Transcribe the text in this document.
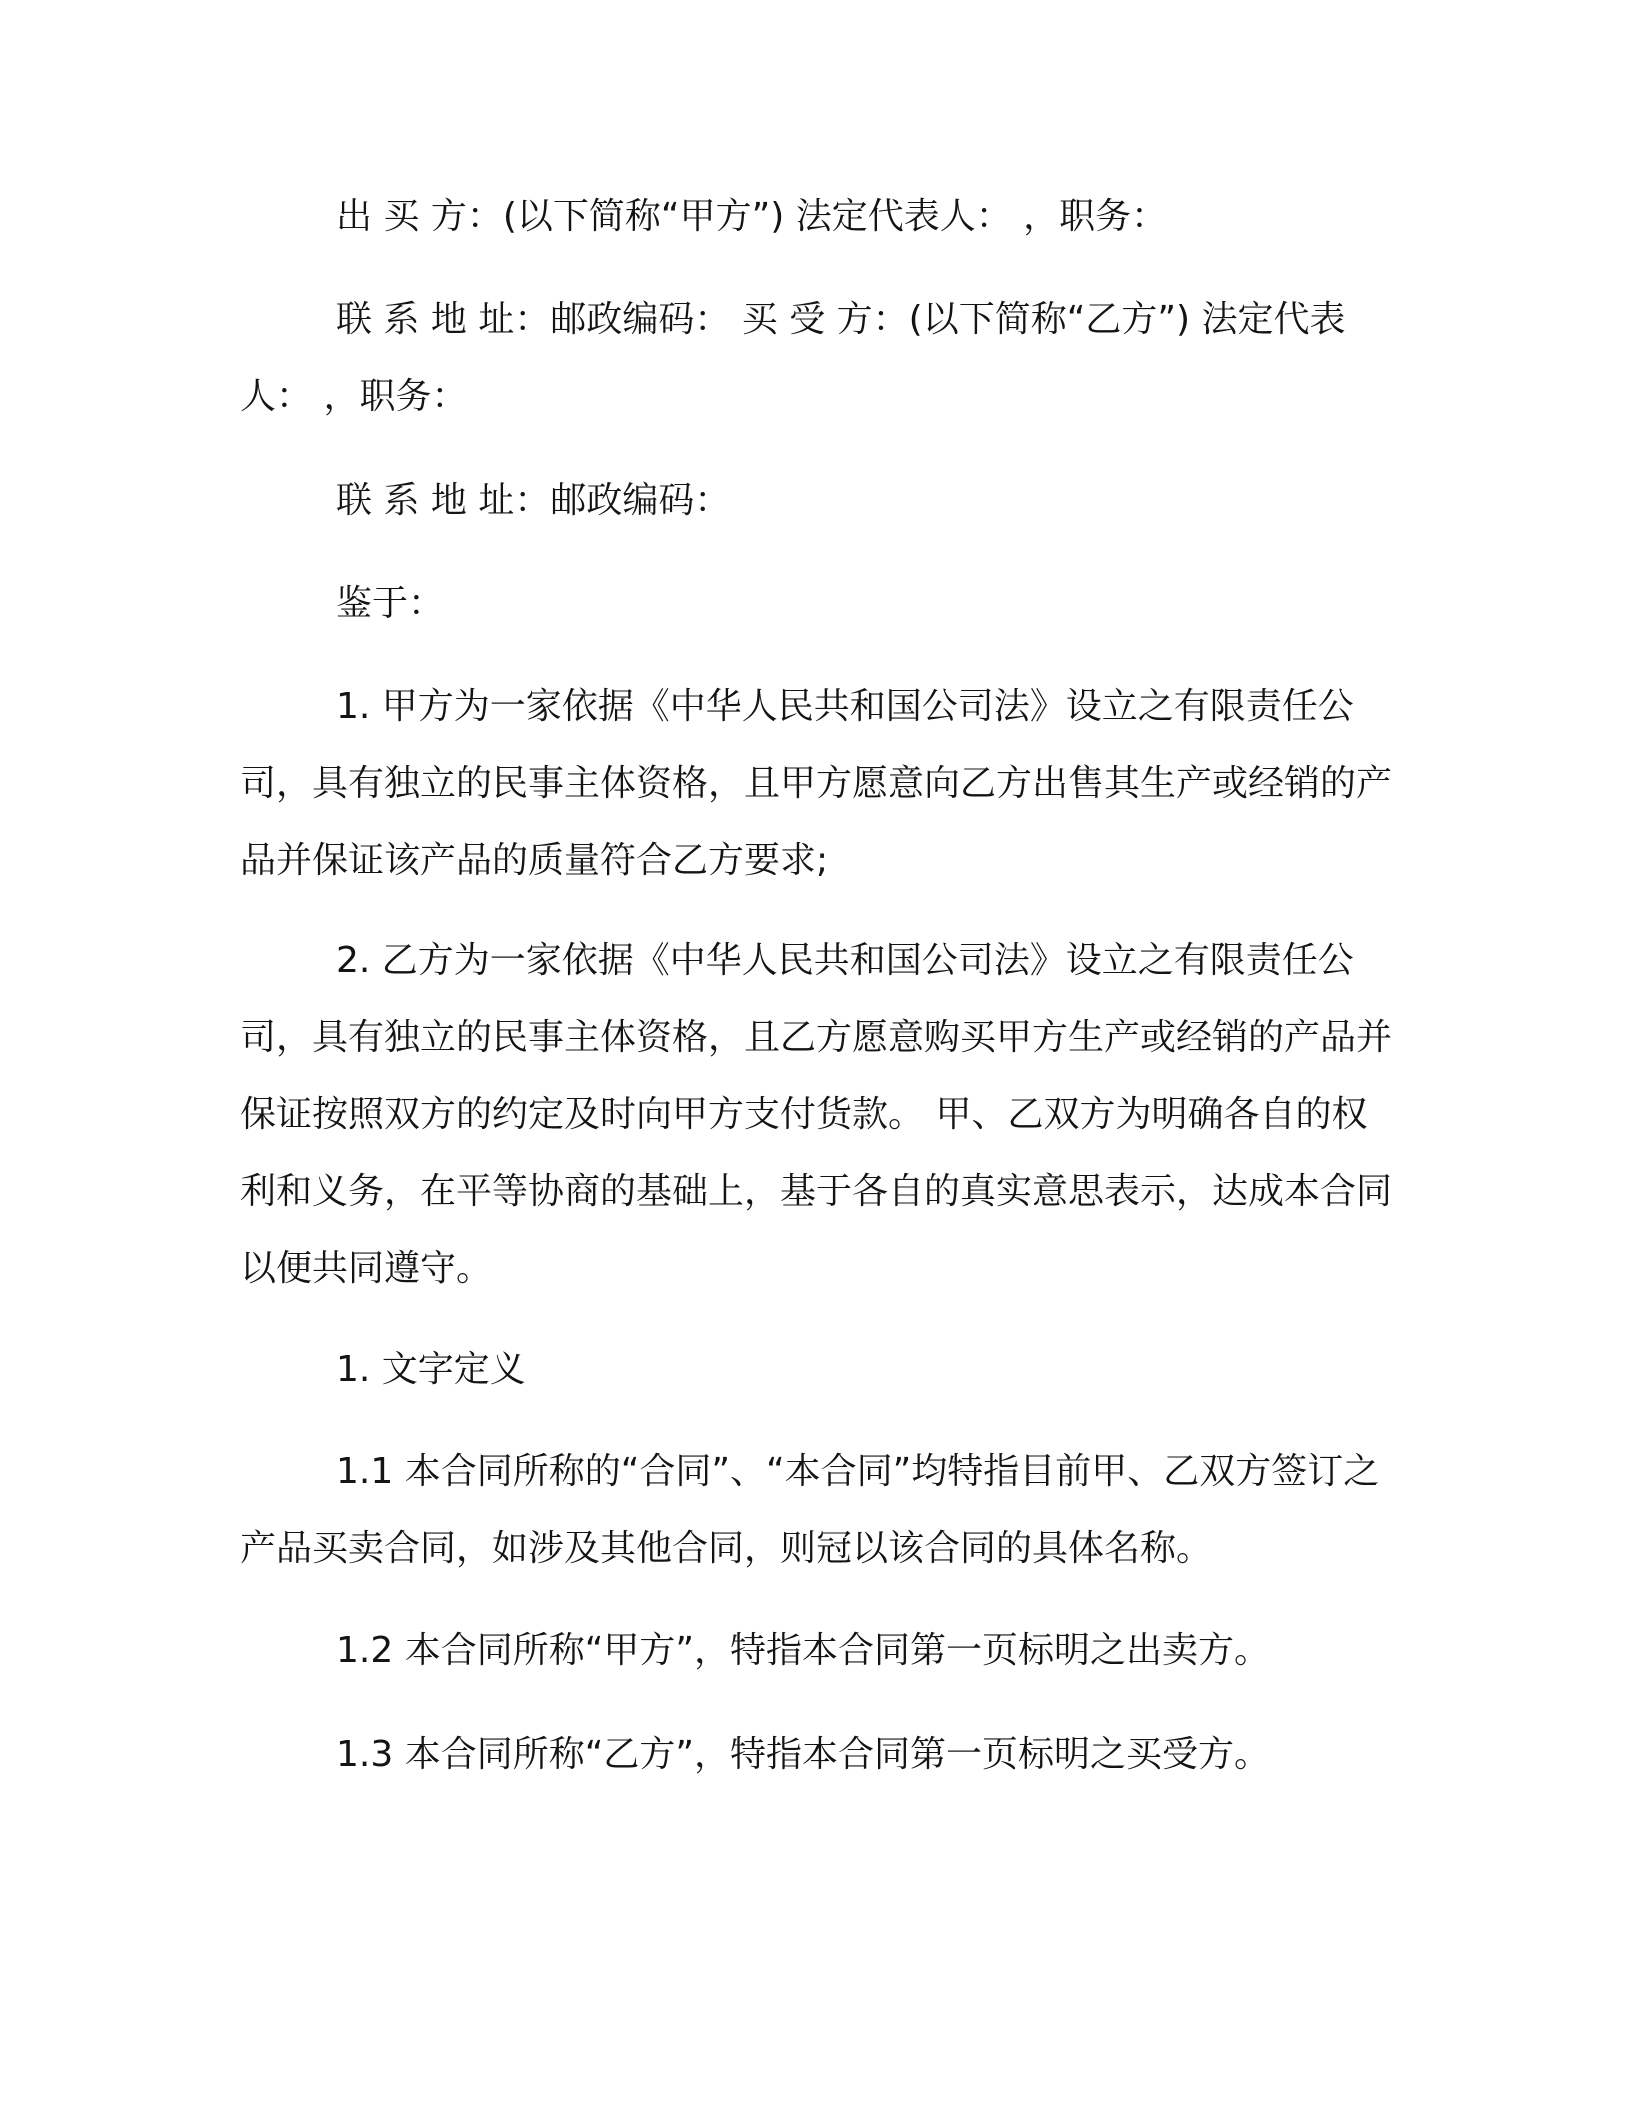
出 买 方：(以下简称“甲方”) 法定代表人： ，职务：

联 系 地 址：邮政编码： 买 受 方：(以下简称“乙方”) 法定代表人： ，职务：

联 系 地 址：邮政编码：

鉴于：

1. 甲方为一家依据《中华人民共和国公司法》设立之有限责任公司，具有独立的民事主体资格，且甲方愿意向乙方出售其生产或经销的产品并保证该产品的质量符合乙方要求;

2. 乙方为一家依据《中华人民共和国公司法》设立之有限责任公司，具有独立的民事主体资格，且乙方愿意购买甲方生产或经销的产品并保证按照双方的约定及时向甲方支付货款。 甲、乙双方为明确各自的权利和义务，在平等协商的基础上，基于各自的真实意思表示，达成本合同以便共同遵守。

1. 文字定义

1.1 本合同所称的“合同”、“本合同”均特指目前甲、乙双方签订之产品买卖合同，如涉及其他合同，则冠以该合同的具体名称。

1.2 本合同所称“甲方”，特指本合同第一页标明之出卖方。

1.3 本合同所称“乙方”，特指本合同第一页标明之买受方。
